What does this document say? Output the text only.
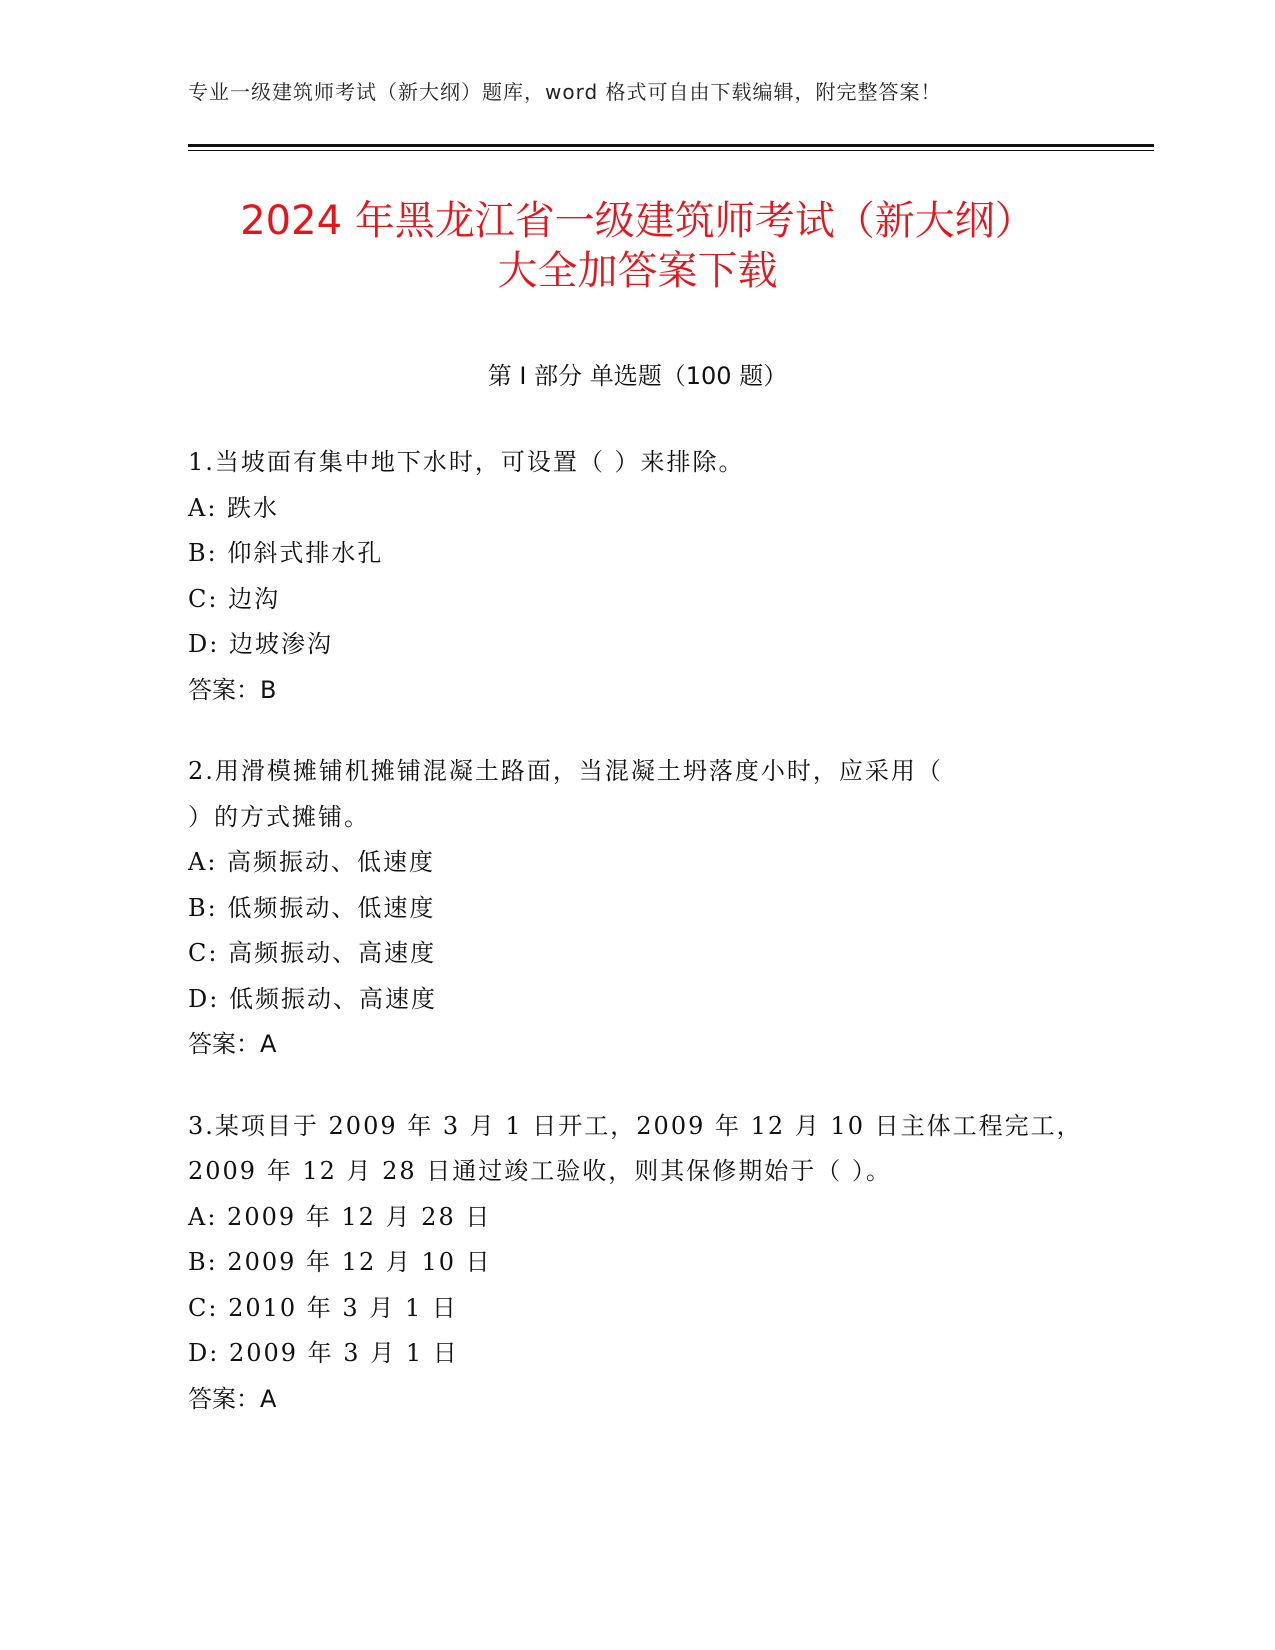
专业一级建筑师考试（新大纲）题库，word 格式可自由下载编辑，附完整答案！
2024 年黑龙江省一级建筑师考试（新大纲）
大全加答案下载
第 I 部分 单选题（100 题）
1.当坡面有集中地下水时，可设置（ ）来排除。
A: 跌水
B: 仰斜式排水孔
C: 边沟
D: 边坡渗沟
答案：B
2.用滑模摊铺机摊铺混凝土路面，当混凝土坍落度小时，应采用（
）的方式摊铺。
A: 高频振动、低速度
B: 低频振动、低速度
C: 高频振动、高速度
D: 低频振动、高速度
答案：A
3.某项目于 2009 年 3 月 1 日开工，2009 年 12 月 10 日主体工程完工，
2009 年 12 月 28 日通过竣工验收，则其保修期始于（ ）。
A: 2009 年 12 月 28 日
B: 2009 年 12 月 10 日
C: 2010 年 3 月 1 日
D: 2009 年 3 月 1 日
答案：A
